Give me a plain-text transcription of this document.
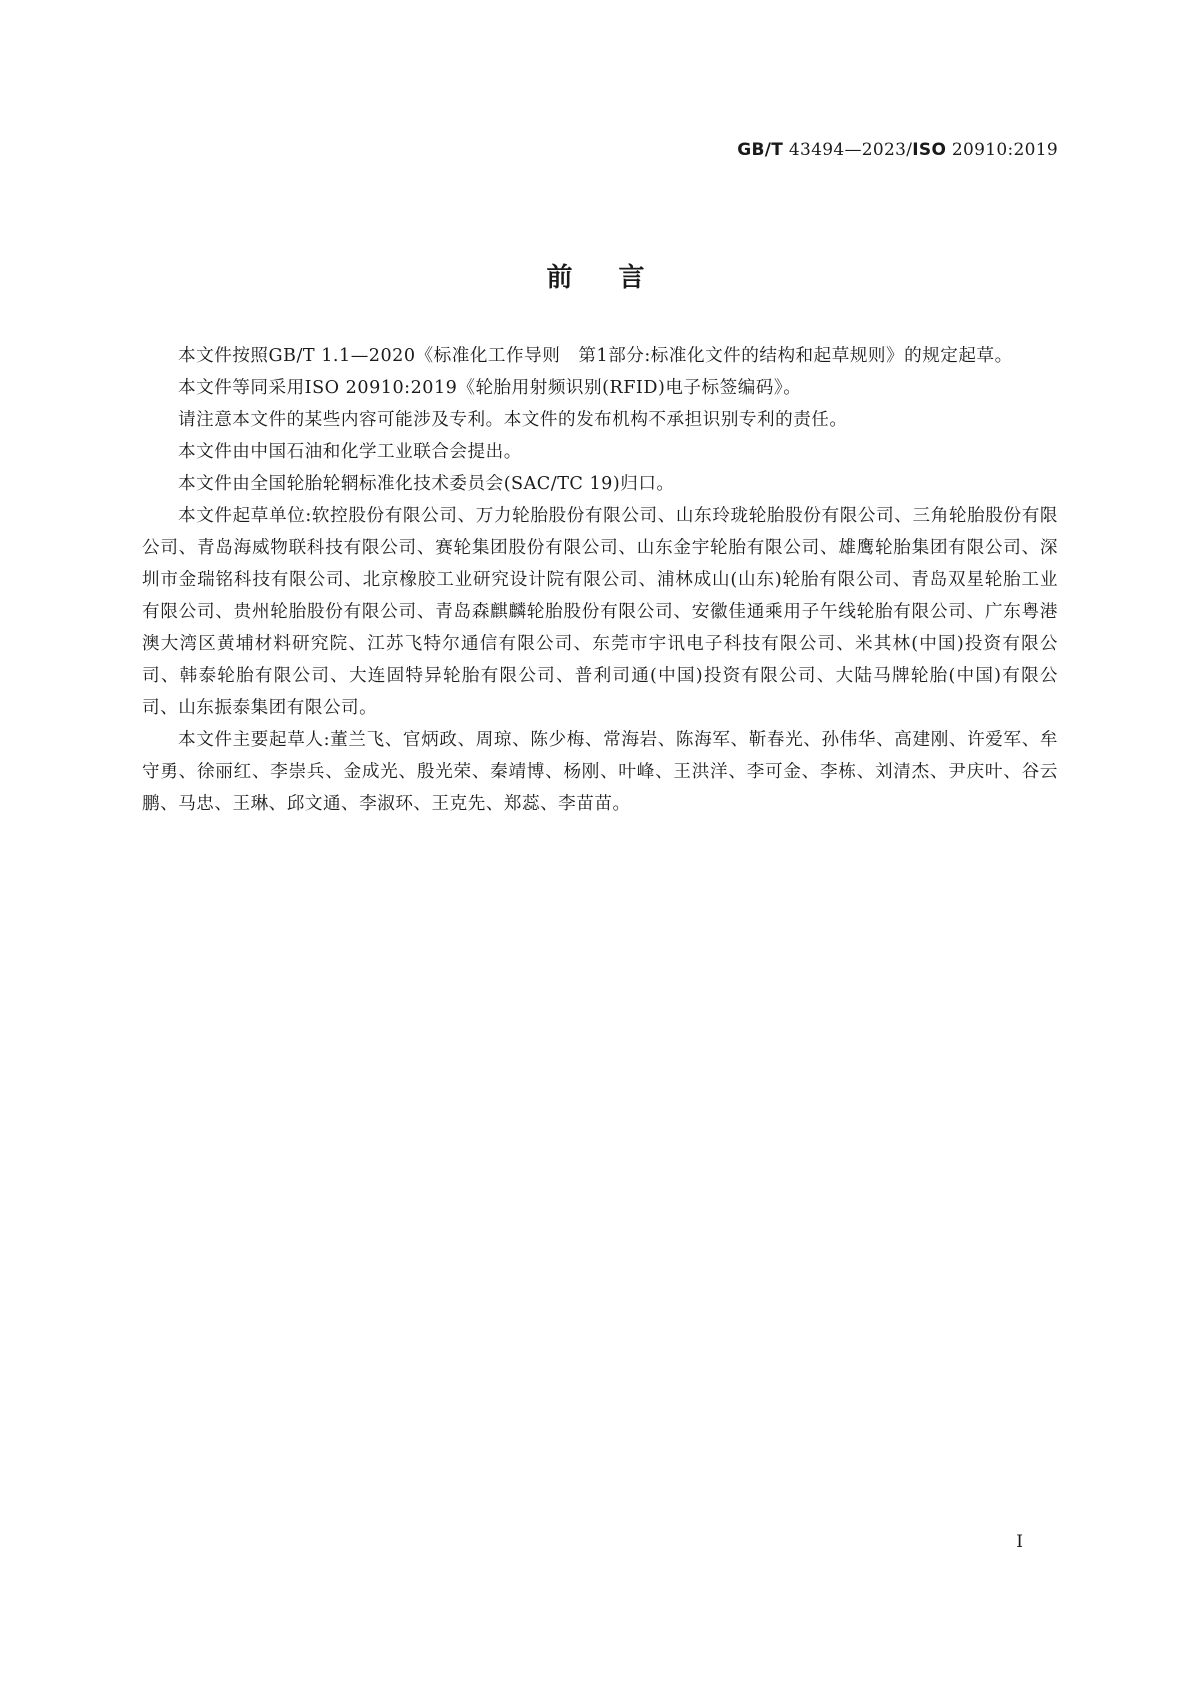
GB/T 43494—2023/ISO 20910:2019
前言

本文件按照GB/T 1.1—2020《标准化工作导则　第1部分:标准化文件的结构和起草规则》的规定起草。

本文件等同采用ISO 20910:2019《轮胎用射频识别(RFID)电子标签编码》。

请注意本文件的某些内容可能涉及专利。本文件的发布机构不承担识别专利的责任。

本文件由中国石油和化学工业联合会提出。

本文件由全国轮胎轮辋标准化技术委员会(SAC/TC 19)归口。

本文件起草单位:软控股份有限公司、万力轮胎股份有限公司、山东玲珑轮胎股份有限公司、三角轮胎股份有限公司、青岛海威物联科技有限公司、赛轮集团股份有限公司、山东金宇轮胎有限公司、雄鹰轮胎集团有限公司、深圳市金瑞铭科技有限公司、北京橡胶工业研究设计院有限公司、浦林成山(山东)轮胎有限公司、青岛双星轮胎工业有限公司、贵州轮胎股份有限公司、青岛森麒麟轮胎股份有限公司、安徽佳通乘用子午线轮胎有限公司、广东粤港澳大湾区黄埔材料研究院、江苏飞特尔通信有限公司、东莞市宇讯电子科技有限公司、米其林(中国)投资有限公司、韩泰轮胎有限公司、大连固特异轮胎有限公司、普利司通(中国)投资有限公司、大陆马牌轮胎(中国)有限公司、山东振泰集团有限公司。

本文件主要起草人:董兰飞、官炳政、周琼、陈少梅、常海岩、陈海军、靳春光、孙伟华、高建刚、许爱军、牟守勇、徐丽红、李崇兵、金成光、殷光荣、秦靖博、杨刚、叶峰、王洪洋、李可金、李栋、刘清杰、尹庆叶、谷云鹏、马忠、王琳、邱文通、李淑环、王克先、郑蕊、李苗苗。

I
